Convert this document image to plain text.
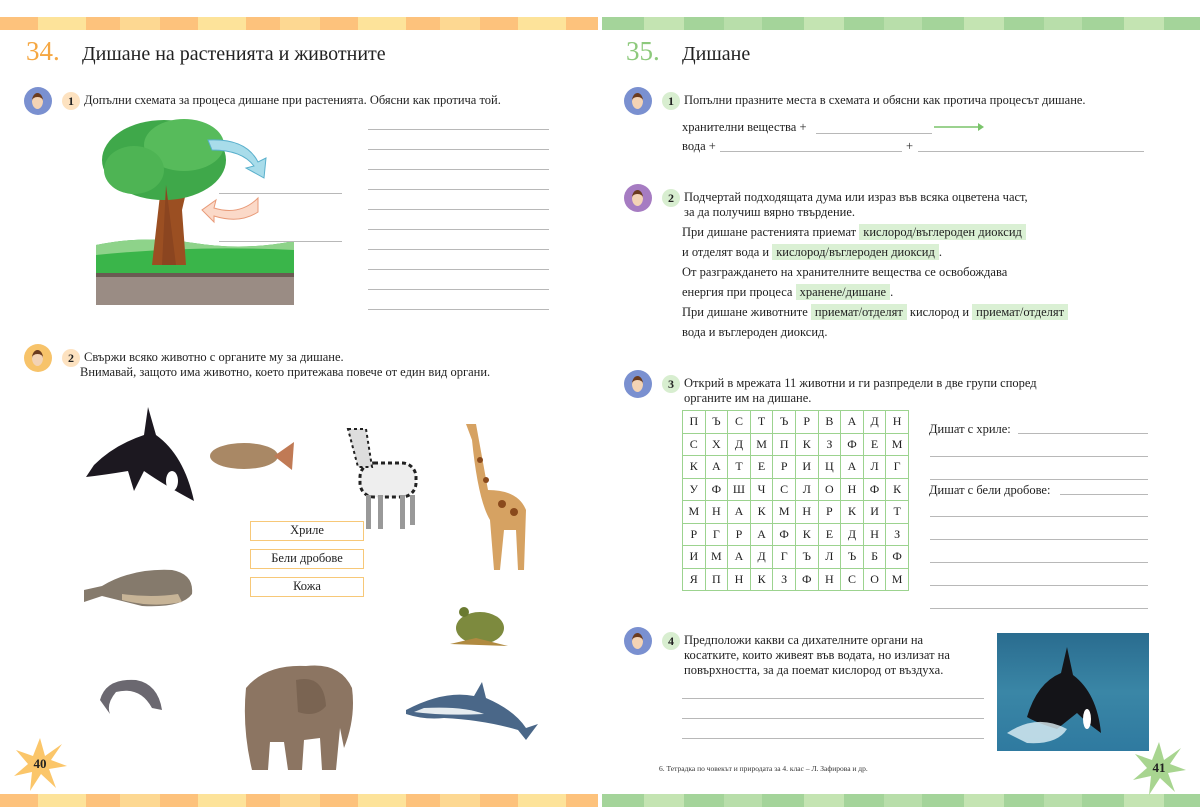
34.	Дишане на растенията и животните
1 Допълни схемата за процеса дишане при растенията. Обясни как протича той.
2 Свържи всяко животно с органите му за дишане.
Внимавай, защото има животно, което притежава повече от един вид органи.
Хриле
Бели дробове
Кожа
40
35.	Дишане
1 Попълни празните места в схемата и обясни как протича процесът дишане.
хранителни вещества +
вода +	+
2 Подчертай подходящата дума или израз във всяка оцветена част,
за да получиш вярно твърдение.
При дишане растенията приемат кислород/въглероден диоксид
и отделят вода и кислород/въглероден диоксид .
От разграждането на хранителните вещества се освобождава
енергия при процеса хранене/дишане .
При дишане животните приемат/отделят кислород и приемат/отделят
вода и въглероден диоксид.
3 Открий в мрежата 11 животни и ги разпредели в две групи според
органите им на дишане.
П	Ъ	С	Т	Ъ	Р	В	А	Д	Н
С	Х	Д	М	П	К	З	Ф	Е	М
К	А	Т	Е	Р	И	Ц	А	Л	Г
У	Ф	Ш	Ч	С	Л	О	Н	Ф	К
М	Н	А	К	М	Н	Р	К	И	Т
Р	Г	Р	А	Ф	К	Е	Д	Н	З
И	М	А	Д	Г	Ъ	Л	Ъ	Б	Ф
Я	П	Н	К	З	Ф	Н	С	О	М
Дишат с хриле:
Дишат с бели дробове:
4 Предположи какви са дихателните органи на
косатките, които живеят във водата, но излизат на
повърхността, за да поемат кислород от въздуха.
6. Тетрадка по човекът и природата за 4. клас – Л. Зафирова и др.	41
